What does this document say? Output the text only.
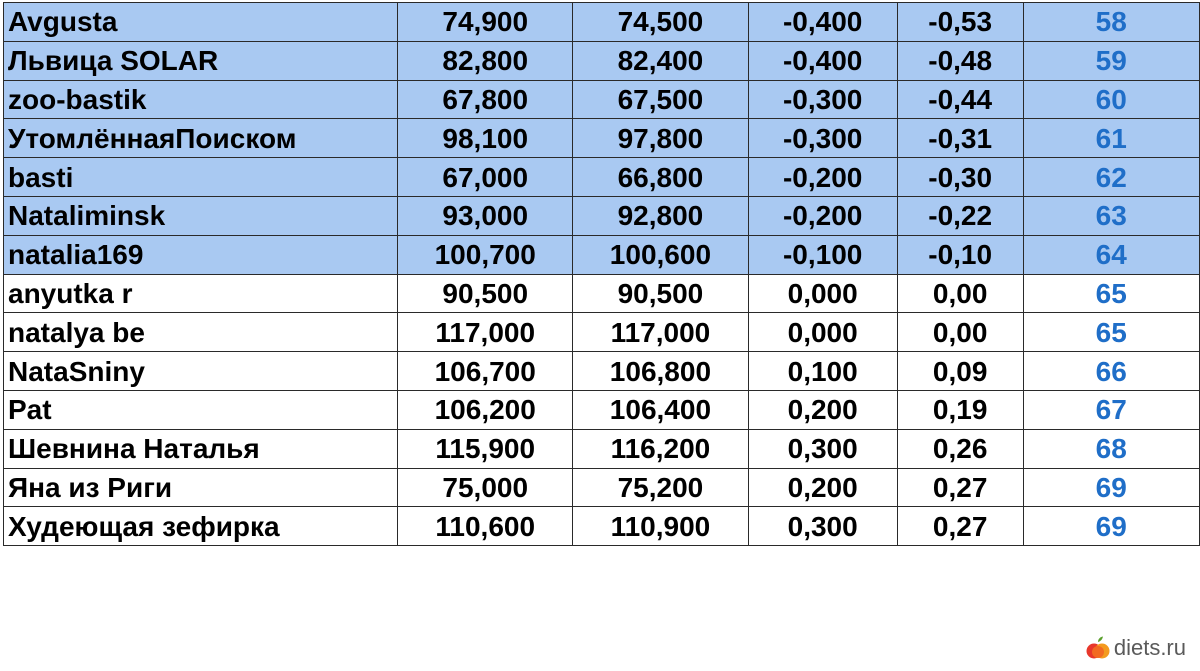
Avgusta	74,900	74,500	-0,400	-0,53	58
Львица SOLAR	82,800	82,400	-0,400	-0,48	59
zoo-bastik	67,800	67,500	-0,300	-0,44	60
УтомлённаяПоиском	98,100	97,800	-0,300	-0,31	61
basti	67,000	66,800	-0,200	-0,30	62
Nataliminsk	93,000	92,800	-0,200	-0,22	63
natalia169	100,700	100,600	-0,100	-0,10	64
anyutka r	90,500	90,500	0,000	0,00	65
natalya be	117,000	117,000	0,000	0,00	65
NataSniny	106,700	106,800	0,100	0,09	66
Pat	106,200	106,400	0,200	0,19	67
Шевнина Наталья	115,900	116,200	0,300	0,26	68
Яна из Риги	75,000	75,200	0,200	0,27	69
Худеющая зефирка	110,600	110,900	0,300	0,27	69
diets.ru
